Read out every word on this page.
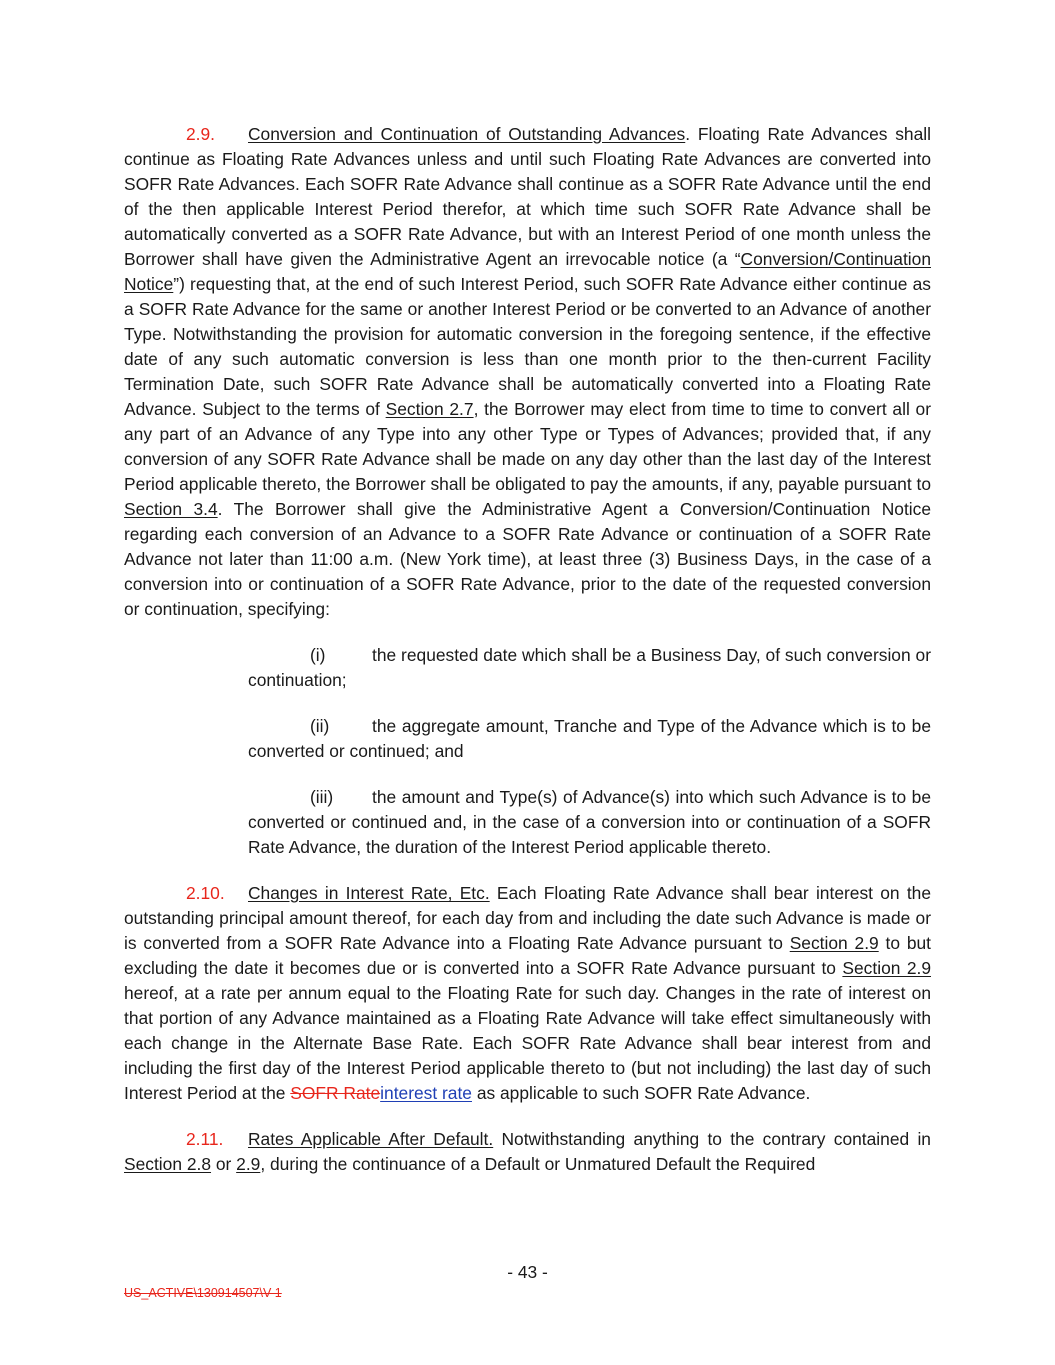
2.9. Conversion and Continuation of Outstanding Advances. Floating Rate Advances shall continue as Floating Rate Advances unless and until such Floating Rate Advances are converted into SOFR Rate Advances. Each SOFR Rate Advance shall continue as a SOFR Rate Advance until the end of the then applicable Interest Period therefor, at which time such SOFR Rate Advance shall be automatically converted as a SOFR Rate Advance, but with an Interest Period of one month unless the Borrower shall have given the Administrative Agent an irrevocable notice (a “Conversion/Continuation Notice”) requesting that, at the end of such Interest Period, such SOFR Rate Advance either continue as a SOFR Rate Advance for the same or another Interest Period or be converted to an Advance of another Type. Notwithstanding the provision for automatic conversion in the foregoing sentence, if the effective date of any such automatic conversion is less than one month prior to the then-current Facility Termination Date, such SOFR Rate Advance shall be automatically converted into a Floating Rate Advance. Subject to the terms of Section 2.7, the Borrower may elect from time to time to convert all or any part of an Advance of any Type into any other Type or Types of Advances; provided that, if any conversion of any SOFR Rate Advance shall be made on any day other than the last day of the Interest Period applicable thereto, the Borrower shall be obligated to pay the amounts, if any, payable pursuant to Section 3.4. The Borrower shall give the Administrative Agent a Conversion/Continuation Notice regarding each conversion of an Advance to a SOFR Rate Advance or continuation of a SOFR Rate Advance not later than 11:00 a.m. (New York time), at least three (3) Business Days, in the case of a conversion into or continuation of a SOFR Rate Advance, prior to the date of the requested conversion or continuation, specifying:

(i)	the requested date which shall be a Business Day, of such conversion or continuation;

(ii) the aggregate amount, Tranche and Type of the Advance which is to be converted or continued; and

(iii) the amount and Type(s) of Advance(s) into which such Advance is to be converted or continued and, in the case of a conversion into or continuation of a SOFR Rate Advance, the duration of the Interest Period applicable thereto.

2.10. Changes in Interest Rate, Etc. Each Floating Rate Advance shall bear interest on the outstanding principal amount thereof, for each day from and including the date such Advance is made or is converted from a SOFR Rate Advance into a Floating Rate Advance pursuant to Section 2.9 to but excluding the date it becomes due or is converted into a SOFR Rate Advance pursuant to Section 2.9 hereof, at a rate per annum equal to the Floating Rate for such day. Changes in the rate of interest on that portion of any Advance maintained as a Floating Rate Advance will take effect simultaneously with each change in the Alternate Base Rate. Each SOFR Rate Advance shall bear interest from and including the first day of the Interest Period applicable thereto to (but not including) the last day of such Interest Period at the SOFR Rateinterest rate as applicable to such SOFR Rate Advance.

2.11. Rates Applicable After Default. Notwithstanding anything to the contrary contained in Section 2.8 or 2.9, during the continuance of a Default or Unmatured Default the Required

- 43 -
US_ACTIVE\130914507\V-1
